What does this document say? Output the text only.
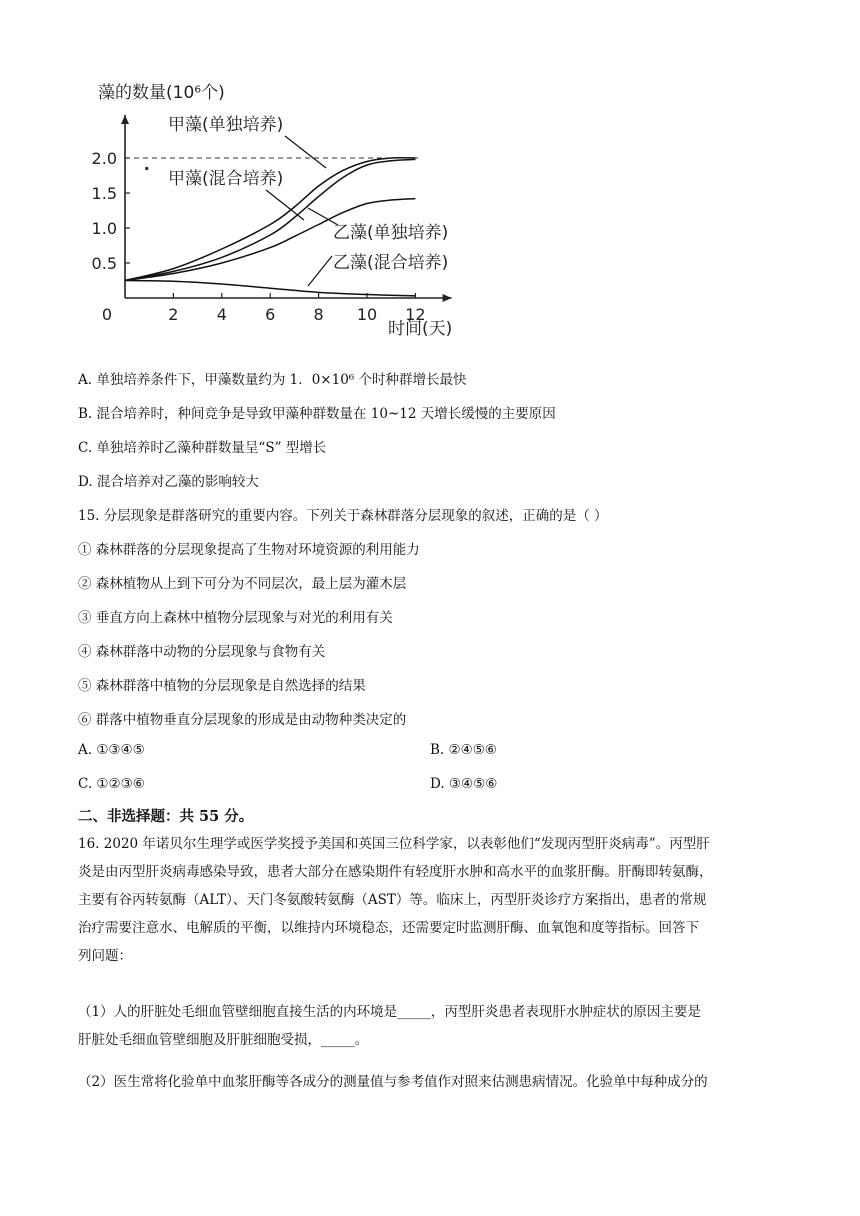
藻的数量(10⁶个)
时间(天)
0	2 4 6 8 10 12
0.5
1.0
1.5
2.0
甲藻(单独培养)
甲藻(混合培养)
乙藻(单独培养)
乙藻(混合培养)
A. 单独培养条件下，甲藻数量约为 1．0×10⁶ 个时种群增长最快
B. 混合培养时，种间竞争是导致甲藻种群数量在 10~12 天增长缓慢的主要原因
C. 单独培养时乙藻种群数量呈“S” 型增长
D. 混合培养对乙藻的影响较大
15. 分层现象是群落研究的重要内容。下列关于森林群落分层现象的叙述，正确的是（ ）
① 森林群落的分层现象提高了生物对环境资源的利用能力
② 森林植物从上到下可分为不同层次，最上层为灌木层
③ 垂直方向上森林中植物分层现象与对光的利用有关
④ 森林群落中动物的分层现象与食物有关
⑤ 森林群落中植物的分层现象是自然选择的结果
⑥ 群落中植物垂直分层现象的形成是由动物种类决定的
A. ①③④⑤	B. ②④⑤⑥
C. ①②③⑥	D. ③④⑤⑥
二、非选择题：共 55 分。
16. 2020 年诺贝尔生理学或医学奖授予美国和英国三位科学家，以表彰他们“发现丙型肝炎病毒”。丙型肝
炎是由丙型肝炎病毒感染导致，患者大部分在感染期件有轻度肝水肿和高水平的血浆肝酶。肝酶即转氨酶，
主要有谷丙转氨酶（ALT）、天门冬氨酸转氨酶（AST）等。临床上，丙型肝炎诊疗方案指出，患者的常规
治疗需要注意水、电解质的平衡，以维持内环境稳态，还需要定时监测肝酶、血氧饱和度等指标。回答下
列问题：
（1）人的肝脏处毛细血管壁细胞直接生活的内环境是_____，丙型肝炎患者表现肝水肿症状的原因主要是
肝脏处毛细血管壁细胞及肝脏细胞受损，_____。
（2）医生常将化验单中血浆肝酶等各成分的测量值与参考值作对照来估测患病情况。化验单中每种成分的
